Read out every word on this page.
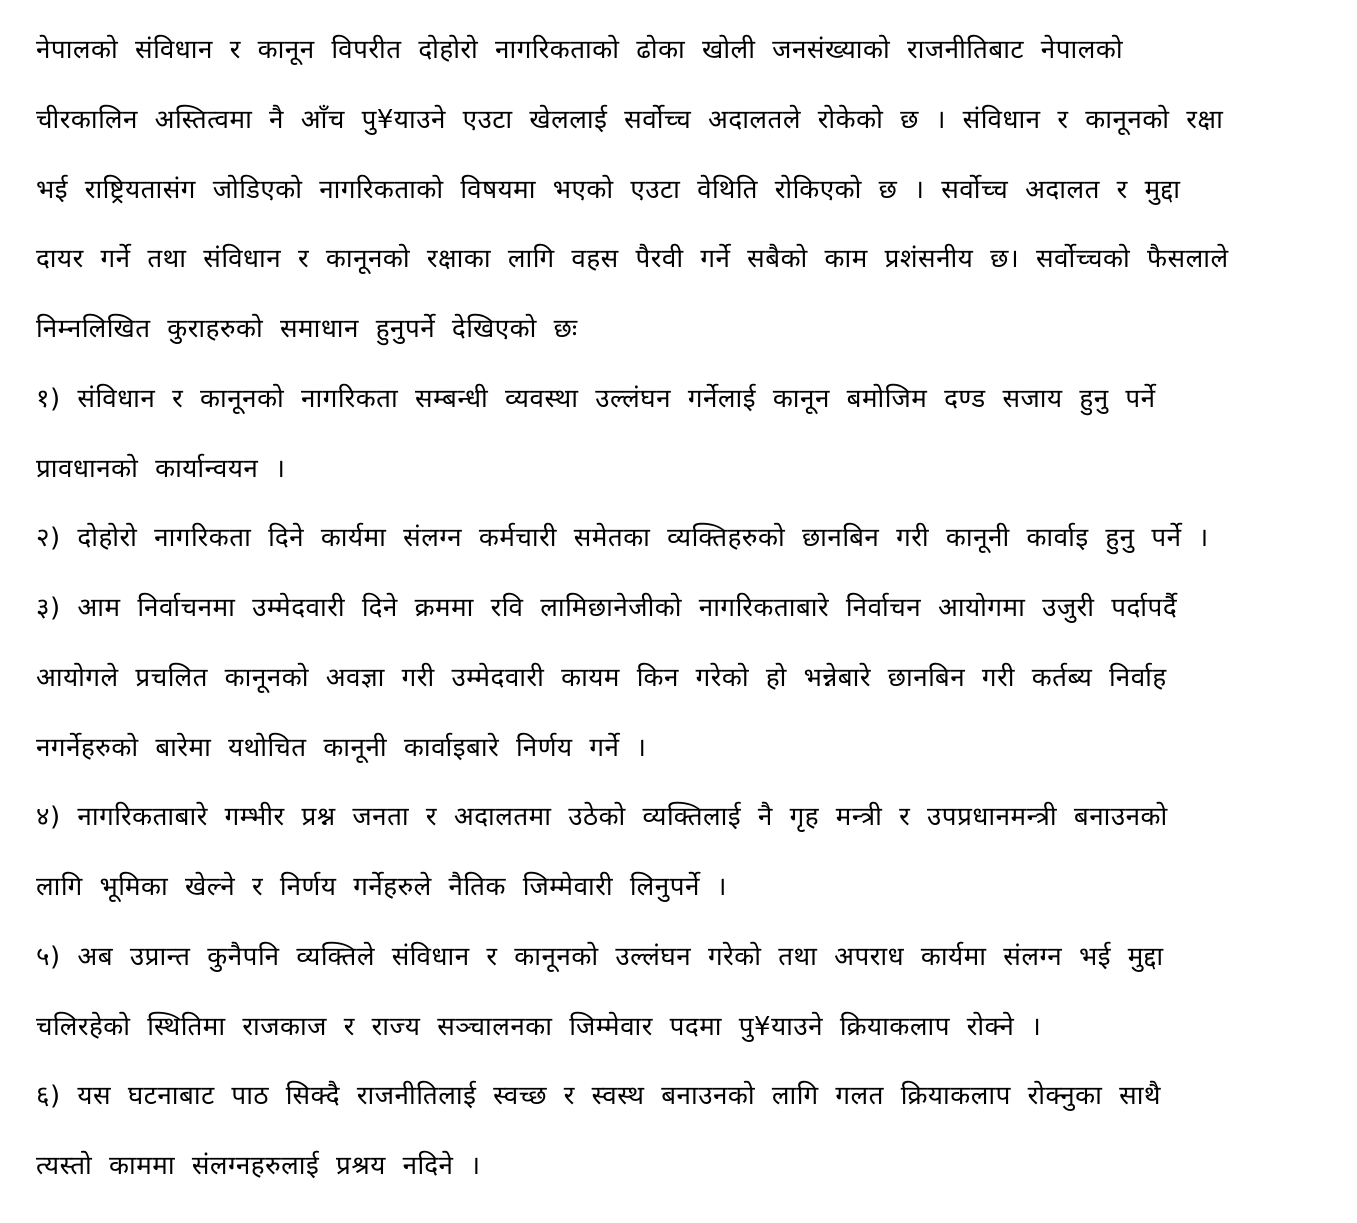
नेपालको संविधान र कानून विपरीत दोहोरो नागरिकताको ढोका खोली जनसंख्याको राजनीतिबाट नेपालको

चीरकालिन अस्तित्वमा नै आँच पु¥याउने एउटा खेललाई सर्वोच्च अदालतले रोकेको छ । संविधान र कानूनको रक्षा

भई राष्ट्रियतासंग जोडिएको नागरिकताको विषयमा भएको एउटा वेथिति रोकिएको छ । सर्वोच्च अदालत र मुद्दा

दायर गर्ने तथा संविधान र कानूनको रक्षाका लागि वहस पैरवी गर्ने सबैको काम प्रशंसनीय छ। सर्वोच्चको फैसलाले

निम्नलिखित कुराहरुको समाधान हुनुपर्ने देखिएको छः

१) संविधान र कानूनको नागरिकता सम्बन्धी व्यवस्था उल्लंघन गर्नेलाई कानून बमोजिम दण्ड सजाय हुनु पर्ने

प्रावधानको कार्यान्वयन ।

२) दोहोरो नागरिकता दिने कार्यमा संलग्न कर्मचारी समेतका व्यक्तिहरुको छानबिन गरी कानूनी कार्वाइ हुनु पर्ने ।

३) आम निर्वाचनमा उम्मेदवारी दिने क्रममा रवि लामिछानेजीको नागरिकताबारे निर्वाचन आयोगमा उजुरी पर्दापर्दै

आयोगले प्रचलित कानूनको अवज्ञा गरी उम्मेदवारी कायम किन गरेको हो भन्नेबारे छानबिन गरी कर्तब्य निर्वाह

नगर्नेहरुको बारेमा यथोचित कानूनी कार्वाइबारे निर्णय गर्ने ।

४) नागरिकताबारे गम्भीर प्रश्न जनता र अदालतमा उठेको व्यक्तिलाई नै गृह मन्त्री र उपप्रधानमन्त्री बनाउनको

लागि भूमिका खेल्ने र निर्णय गर्नेहरुले नैतिक जिम्मेवारी लिनुपर्ने ।

५) अब उप्रान्त कुनैपनि व्यक्तिले संविधान र कानूनको उल्लंघन गरेको तथा अपराध कार्यमा संलग्न भई मुद्दा

चलिरहेको स्थितिमा राजकाज र राज्य सञ्चालनका जिम्मेवार पदमा पु¥याउने क्रियाकलाप रोक्ने ।

६) यस घटनाबाट पाठ सिक्दै राजनीतिलाई स्वच्छ र स्वस्थ बनाउनको लागि गलत क्रियाकलाप रोक्नुका साथै

त्यस्तो काममा संलग्नहरुलाई प्रश्रय नदिने ।
